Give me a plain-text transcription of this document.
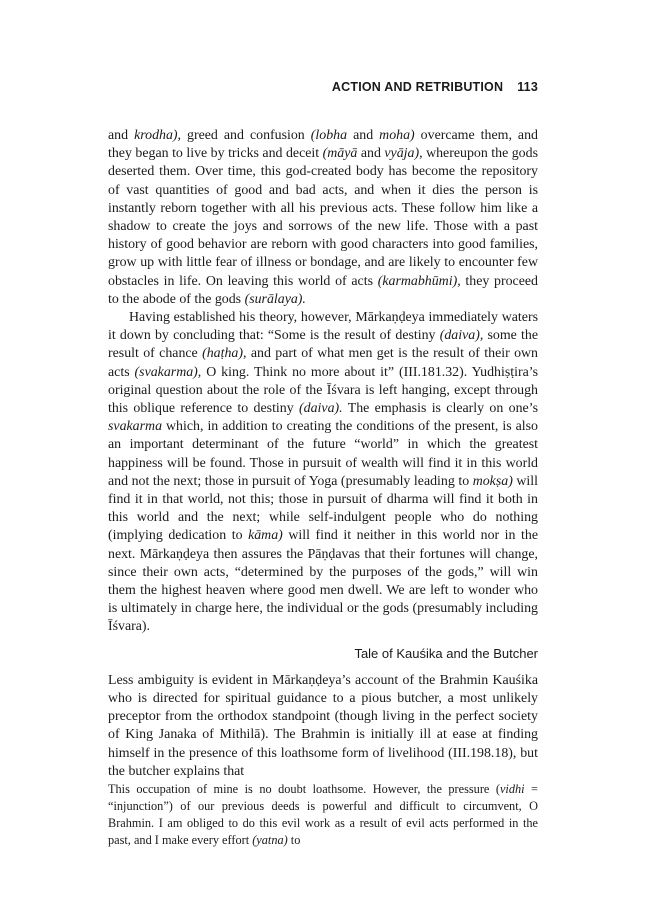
ACTION AND RETRIBUTION 113

and krodha), greed and confusion (lobha and moha) overcame them, and they began to live by tricks and deceit (māyā and vyāja), whereupon the gods deserted them. Over time, this god-created body has become the repository of vast quantities of good and bad acts, and when it dies the person is instantly reborn together with all his previous acts. These follow him like a shadow to create the joys and sorrows of the new life. Those with a past history of good behavior are reborn with good characters into good families, grow up with little fear of illness or bondage, and are likely to encounter few obstacles in life. On leaving this world of acts (karmabhūmi), they proceed to the abode of the gods (surālaya).

Having established his theory, however, Mārkaṇḍeya immediately waters it down by concluding that: “Some is the result of destiny (daiva), some the result of chance (haṭha), and part of what men get is the result of their own acts (svakarma), O king. Think no more about it” (III.181.32). Yudhiṣṭira’s original question about the role of the Īśvara is left hanging, except through this oblique reference to destiny (daiva). The emphasis is clearly on one’s svakarma which, in addition to creating the conditions of the present, is also an important determinant of the future “world” in which the greatest happiness will be found. Those in pursuit of wealth will find it in this world and not the next; those in pursuit of Yoga (presumably leading to mokṣa) will find it in that world, not this; those in pursuit of dharma will find it both in this world and the next; while self-indulgent people who do nothing (implying dedication to kāma) will find it neither in this world nor in the next. Mārkaṇḍeya then assures the Pāṇḍavas that their fortunes will change, since their own acts, “determined by the purposes of the gods,” will win them the highest heaven where good men dwell. We are left to wonder who is ultimately in charge here, the individual or the gods (presumably including Īśvara).

Tale of Kauśika and the Butcher

Less ambiguity is evident in Mārkaṇḍeya’s account of the Brahmin Kauśika who is directed for spiritual guidance to a pious butcher, a most unlikely preceptor from the orthodox standpoint (though living in the perfect society of King Janaka of Mithilā). The Brahmin is initially ill at ease at finding himself in the presence of this loathsome form of livelihood (III.198.18), but the butcher explains that

This occupation of mine is no doubt loathsome. However, the pressure (vidhi = “injunction”) of our previous deeds is powerful and difficult to circumvent, O Brahmin. I am obliged to do this evil work as a result of evil acts performed in the past, and I make every effort (yatna) to
